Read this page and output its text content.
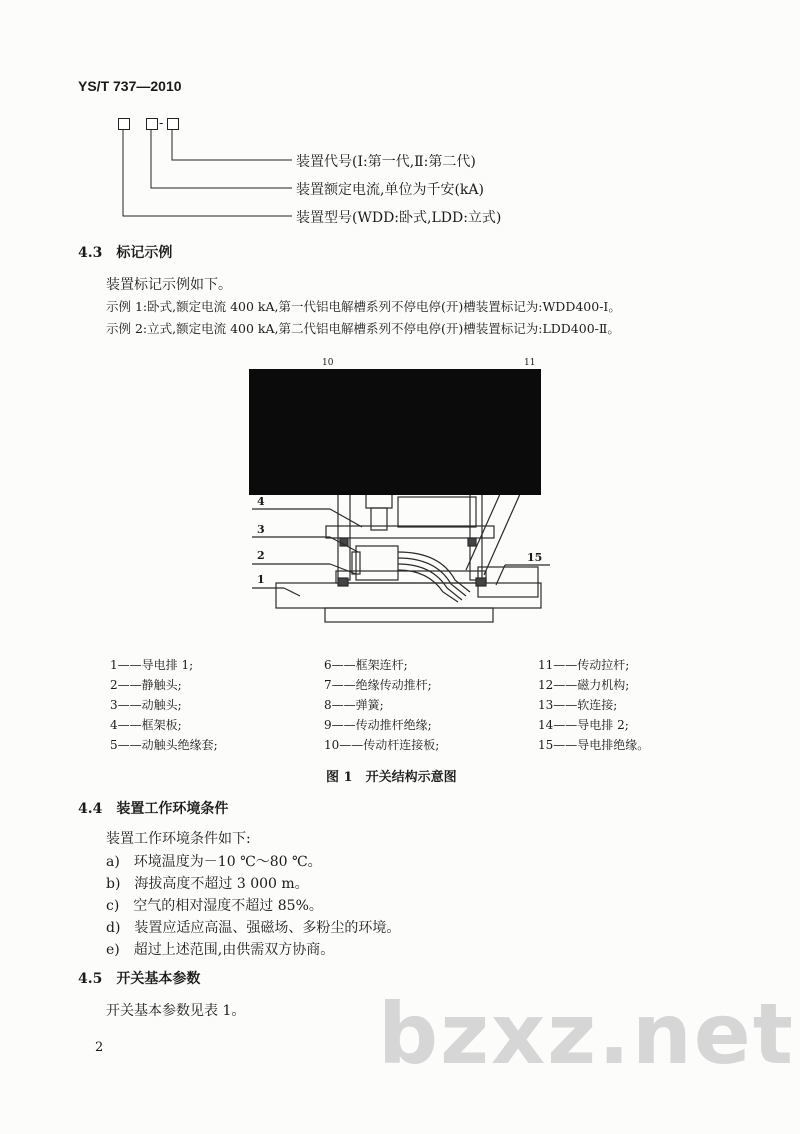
YS/T 737—2010
-
装置代号(Ⅰ:第一代,Ⅱ:第二代)
装置额定电流,单位为千安(kA)
装置型号(WDD:卧式,LDD:立式)
4.3　标记示例
装置标记示例如下。
示例 1:卧式,额定电流 400 kA,第一代铝电解槽系列不停电停(开)槽装置标记为:WDD400-Ⅰ。
示例 2:立式,额定电流 400 kA,第二代铝电解槽系列不停电停(开)槽装置标记为:LDD400-Ⅱ。
10	11
4
3
2
1
15
1——导电排 1;	6——框架连杆;	11——传动拉杆;
2——静触头;	7——绝缘传动推杆;	12——磁力机构;
3——动触头;	8——弹簧;	13——软连接;
4——框架板;	9——传动推杆绝缘;	14——导电排 2;
5——动触头绝缘套;	10——传动杆连接板;	15——导电排绝缘。
图 1　开关结构示意图
4.4　装置工作环境条件
装置工作环境条件如下:
a)　环境温度为－10 ℃～80 ℃。
b)　海拔高度不超过 3 000 m。
c)　空气的相对湿度不超过 85%。
d)　装置应适应高温、强磁场、多粉尘的环境。
e)　超过上述范围,由供需双方协商。
4.5　开关基本参数
开关基本参数见表 1。 bzxz.net
2
